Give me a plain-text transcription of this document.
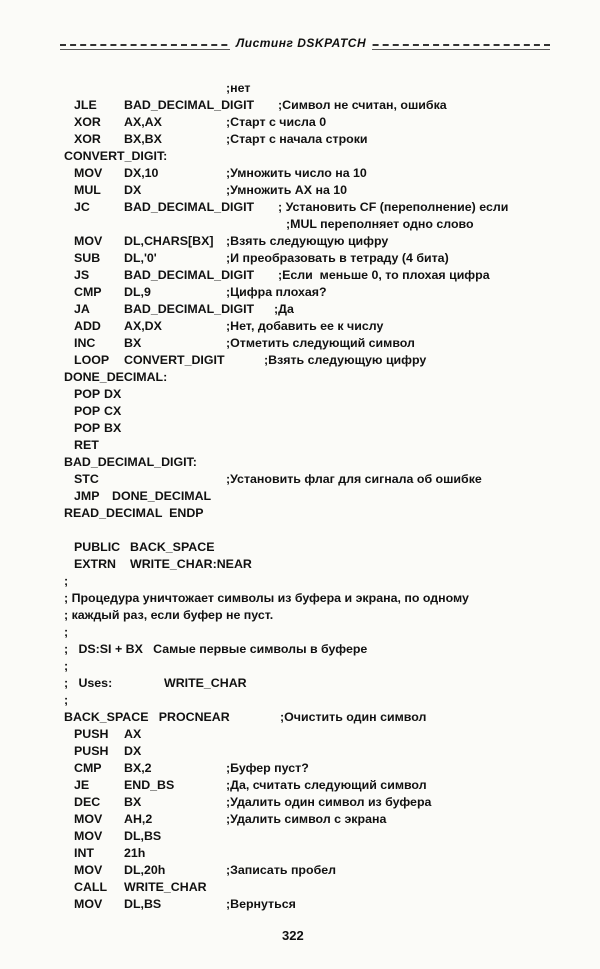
Листинг DSKPATCH
;нет
JLE BAD_DECIMAL_DIGIT ;Символ не считан, ошибка
XOR AX,AX	;Старт с числа 0
XOR BX,BX	;Старт с начала строки
CONVERT_DIGIT:
MOV DX,10	;Умножить число на 10
MUL DX	;Умножить AX на 10
JC	BAD_DECIMAL_DIGIT ; Установить CF (переполнение) если
;MUL переполняет одно слово
MOV DL,CHARS[BX] ;Взять следующую цифру
SUB DL,'0'	;И преобразовать в тетраду (4 бита)
JS	BAD_DECIMAL_DIGIT ;Если  меньше 0, то плохая цифра
CMP DL,9	;Цифра плохая?
JA	BAD_DECIMAL_DIGIT ;Да
ADD AX,DX	;Нет, добавить ее к числу
INC BX	;Отметить следующий символ
LOOP CONVERT_DIGIT	;Взять следующую цифру
DONE_DECIMAL:
POP DX
POP CX
POP BX
RET
BAD_DECIMAL_DIGIT:
STC	;Установить флаг для сигнала об ошибке
JMP DONE_DECIMAL
READ_DECIMAL  ENDP
PUBLIC BACK_SPACE
EXTRN WRITE_CHAR:NEAR
;
; Процедура уничтожает символы из буфера и экрана, по одному
; каждый раз, если буфер не пуст.
;
;   DS:SI + BX   Самые первые символы в буфере
;
;   Uses:	WRITE_CHAR
;
BACK_SPACE   PROCNEAR	;Очистить один символ
PUSH AX
PUSH DX
CMP BX,2	;Буфер пуст?
JE	END_BS	;Да, считать следующий символ
DEC BX	;Удалить один символ из буфера
MOV AH,2	;Удалить символ с экрана
MOV DL,BS
INT 21h
MOV DL,20h	;Записать пробел
CALL WRITE_CHAR
MOV DL,BS	;Вернуться
322
